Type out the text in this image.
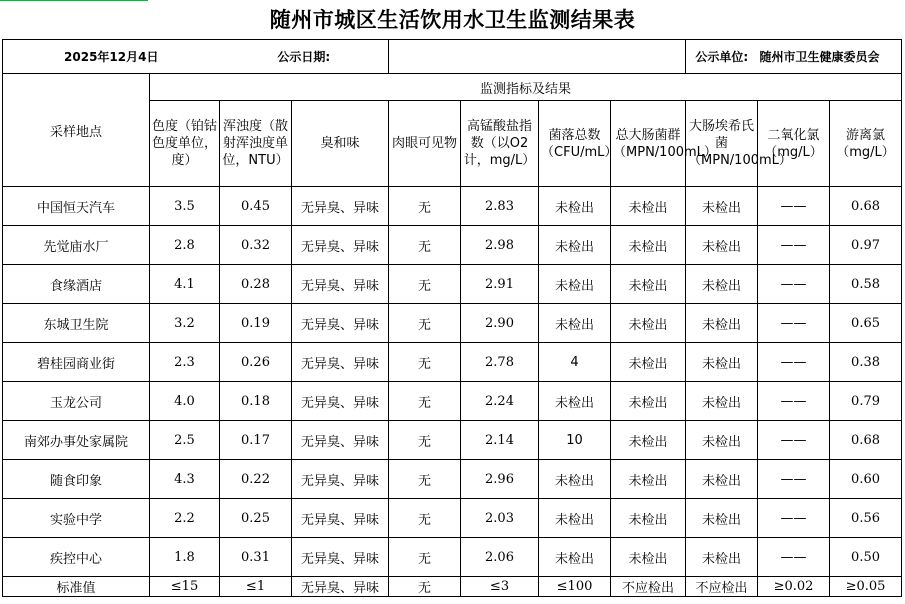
随州市城区生活饮用水卫生监测结果表
2025年12月4日		公示日期:						公示单位:	随州市卫生健康委员会	
采样地点	监测指标及结果									
	色度（铂钴色度单位，度）	浑浊度（散射浑浊度单位，NTU）	臭和味	肉眼可见物	高锰酸盐指数（以O2计，mg/L）	菌落总数（CFU/mL）	总大肠菌群（MPN/100mL）	大肠埃希氏菌（MPN/100mL）	二氧化氯（mg/L）	游离氯（mg/L）
中国恒天汽车	3.5	0.45	无异臭、异味	无	2.83	未检出	未检出	未检出	——	0.68
先觉庙水厂	2.8	0.32	无异臭、异味	无	2.98	未检出	未检出	未检出	——	0.97
食缘酒店	4.1	0.28	无异臭、异味	无	2.91	未检出	未检出	未检出	——	0.58
东城卫生院	3.2	0.19	无异臭、异味	无	2.90	未检出	未检出	未检出	——	0.65
碧桂园商业街	2.3	0.26	无异臭、异味	无	2.78	4	未检出	未检出	——	0.38
玉龙公司	4.0	0.18	无异臭、异味	无	2.24	未检出	未检出	未检出	——	0.79
南郊办事处家属院	2.5	0.17	无异臭、异味	无	2.14	10	未检出	未检出	——	0.68
随食印象	4.3	0.22	无异臭、异味	无	2.96	未检出	未检出	未检出	——	0.60
实验中学	2.2	0.25	无异臭、异味	无	2.03	未检出	未检出	未检出	——	0.56
疾控中心	1.8	0.31	无异臭、异味	无	2.06	未检出	未检出	未检出	——	0.50
标准值	≤15	≤1	无异臭、异味	无	≤3	≤100	不应检出	不应检出	≥0.02	≥0.05
